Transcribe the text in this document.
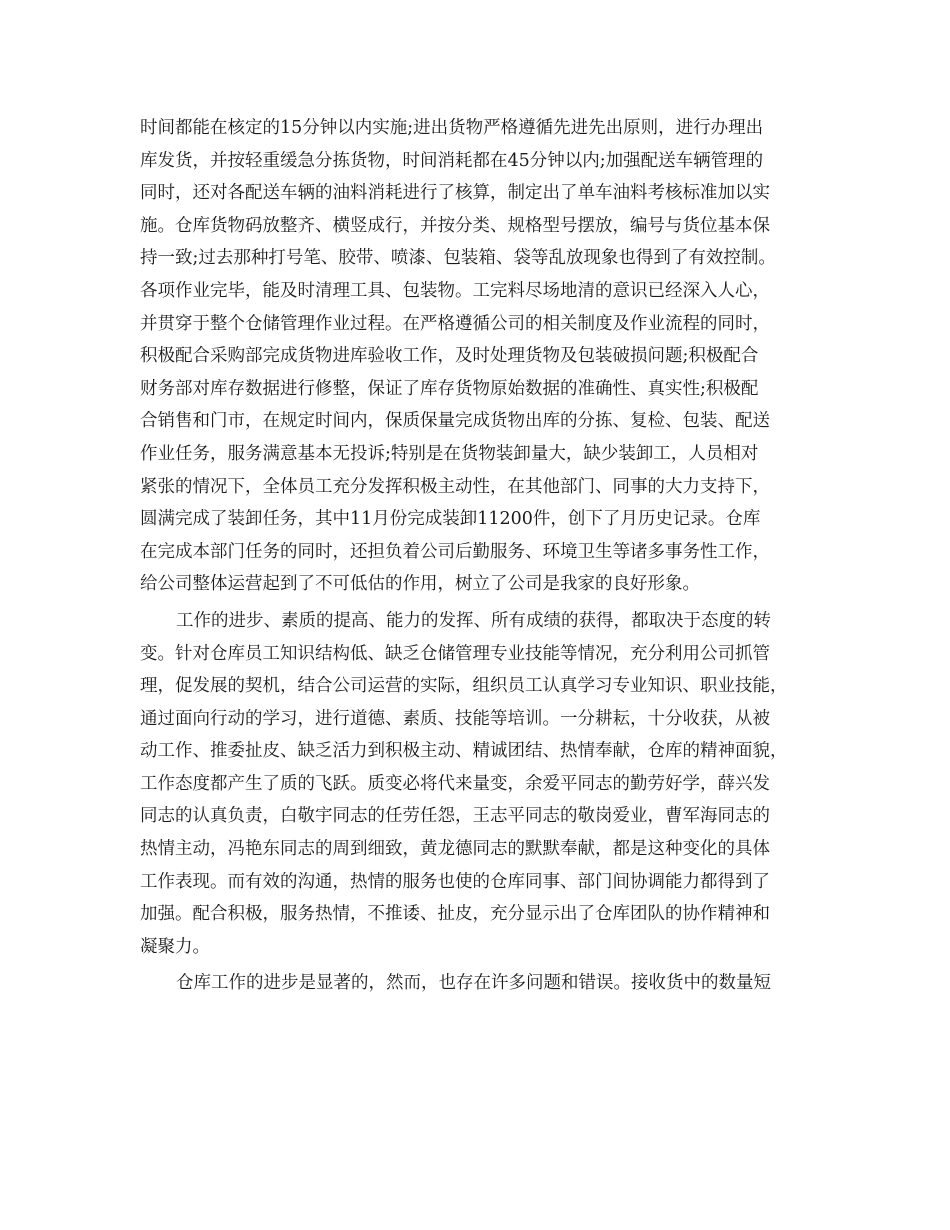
时间都能在核定的15分钟以内实施;进出货物严格遵循先进先出原则，进行办理出
库发货，并按轻重缓急分拣货物，时间消耗都在45分钟以内;加强配送车辆管理的
同时，还对各配送车辆的油料消耗进行了核算，制定出了单车油料考核标准加以实
施。仓库货物码放整齐、横竖成行，并按分类、规格型号摆放，编号与货位基本保
持一致;过去那种打号笔、胶带、喷漆、包装箱、袋等乱放现象也得到了有效控制。
各项作业完毕，能及时清理工具、包装物。工完料尽场地清的意识已经深入人心，
并贯穿于整个仓储管理作业过程。在严格遵循公司的相关制度及作业流程的同时，
积极配合采购部完成货物进库验收工作，及时处理货物及包装破损问题;积极配合
财务部对库存数据进行修整，保证了库存货物原始数据的准确性、真实性;积极配
合销售和门市，在规定时间内，保质保量完成货物出库的分拣、复检、包装、配送
作业任务，服务满意基本无投诉;特别是在货物装卸量大，缺少装卸工，人员相对
紧张的情况下，全体员工充分发挥积极主动性，在其他部门、同事的大力支持下，
圆满完成了装卸任务，其中11月份完成装卸11200件，创下了月历史记录。仓库
在完成本部门任务的同时，还担负着公司后勤服务、环境卫生等诸多事务性工作，
给公司整体运营起到了不可低估的作用，树立了公司是我家的良好形象。
工作的进步、素质的提高、能力的发挥、所有成绩的获得，都取决于态度的转
变。针对仓库员工知识结构低、缺乏仓储管理专业技能等情况，充分利用公司抓管
理，促发展的契机，结合公司运营的实际，组织员工认真学习专业知识、职业技能，
通过面向行动的学习，进行道德、素质、技能等培训。一分耕耘，十分收获，从被
动工作、推委扯皮、缺乏活力到积极主动、精诚团结、热情奉献，仓库的精神面貌，
工作态度都产生了质的飞跃。质变必将代来量变，余爱平同志的勤劳好学，薛兴发
同志的认真负责，白敬宇同志的任劳任怨，王志平同志的敬岗爱业，曹军海同志的
热情主动，冯艳东同志的周到细致，黄龙德同志的默默奉献，都是这种变化的具体
工作表现。而有效的沟通，热情的服务也使的仓库同事、部门间协调能力都得到了
加强。配合积极，服务热情，不推诿、扯皮，充分显示出了仓库团队的协作精神和
凝聚力。
仓库工作的进步是显著的，然而，也存在许多问题和错误。接收货中的数量短
